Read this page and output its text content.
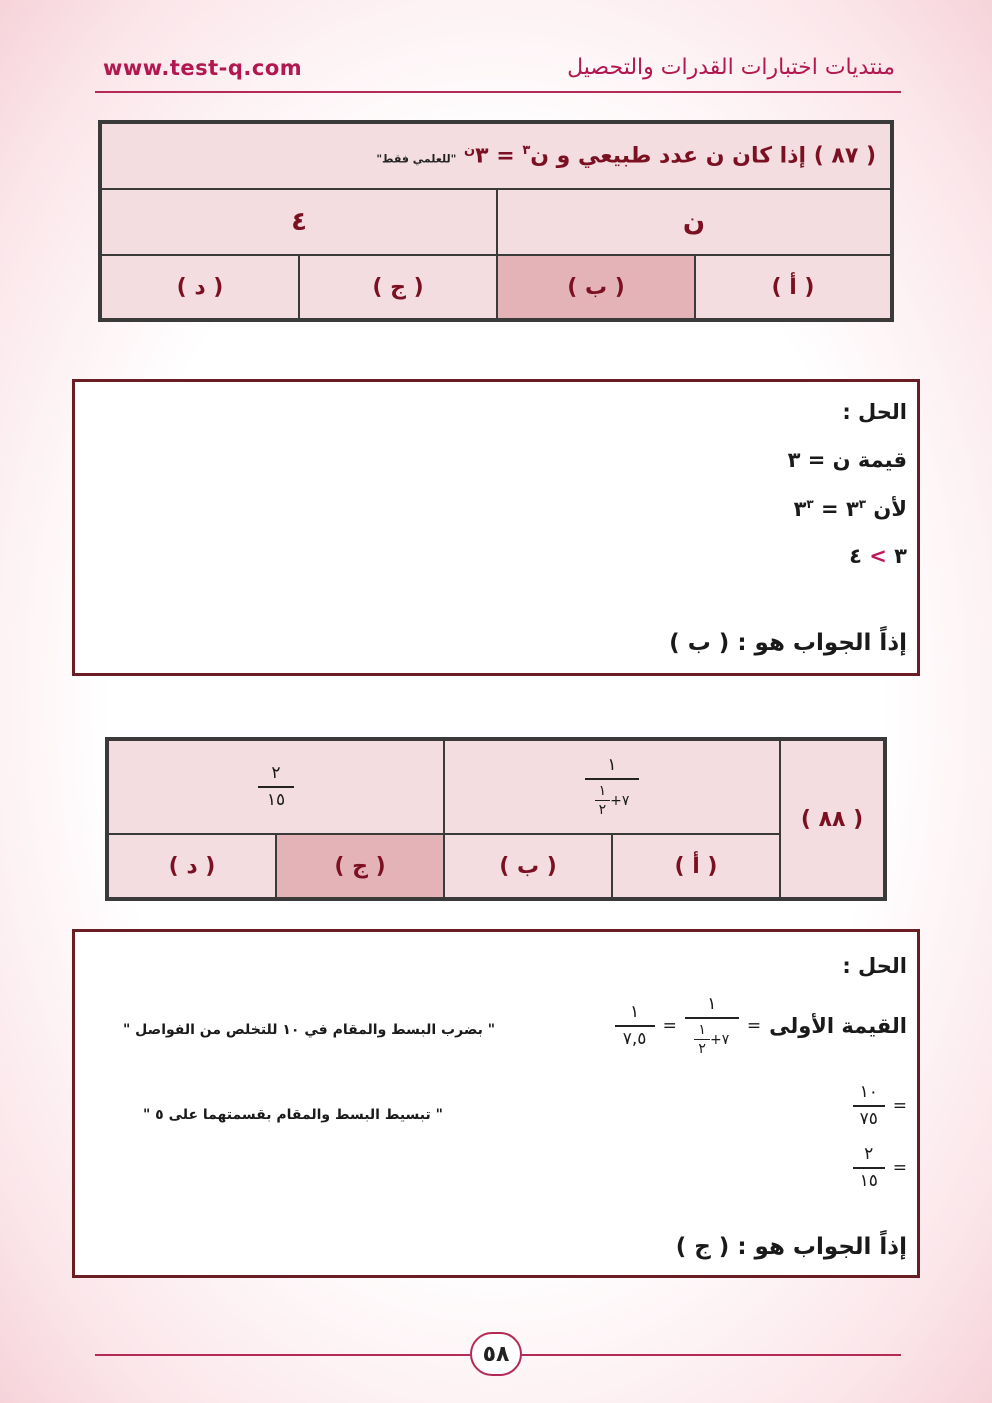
www.test-q.com	منتديات اختبارات القدرات والتحصيل
( ٨٧ ) إذا كان ن عدد طبيعي و ن$^٣$ = $٣^ن$ "للعلمي فقط"
ن
٤
( أ )
( ب )
( ج )
( د )
الحل :
قيمة ن = ٣
لأن $٣^٣$ = $٣^٣$
٣ > ٤
إذاً الجواب هو : ( ب )
( ٨٨ )
$\frac{١}{\frac{١}{٢} +٧}$
$\frac{٢}{١٥}$
( أ )
( ب )
( ج )
( د )
الحل :
القيمة الأولى
=
$\frac{١}{\frac{١}{٢} +٧}$
=
$\frac{١}{٧,٥}$
" بضرب البسط والمقام في ١٠ للتخلص من الفواصل "
=
$\frac{١٠}{٧٥}$
" تبسيط البسط والمقام بقسمتهما على ٥ "
=
$\frac{٢}{١٥}$
إذاً الجواب هو : ( ج )
٥٨
